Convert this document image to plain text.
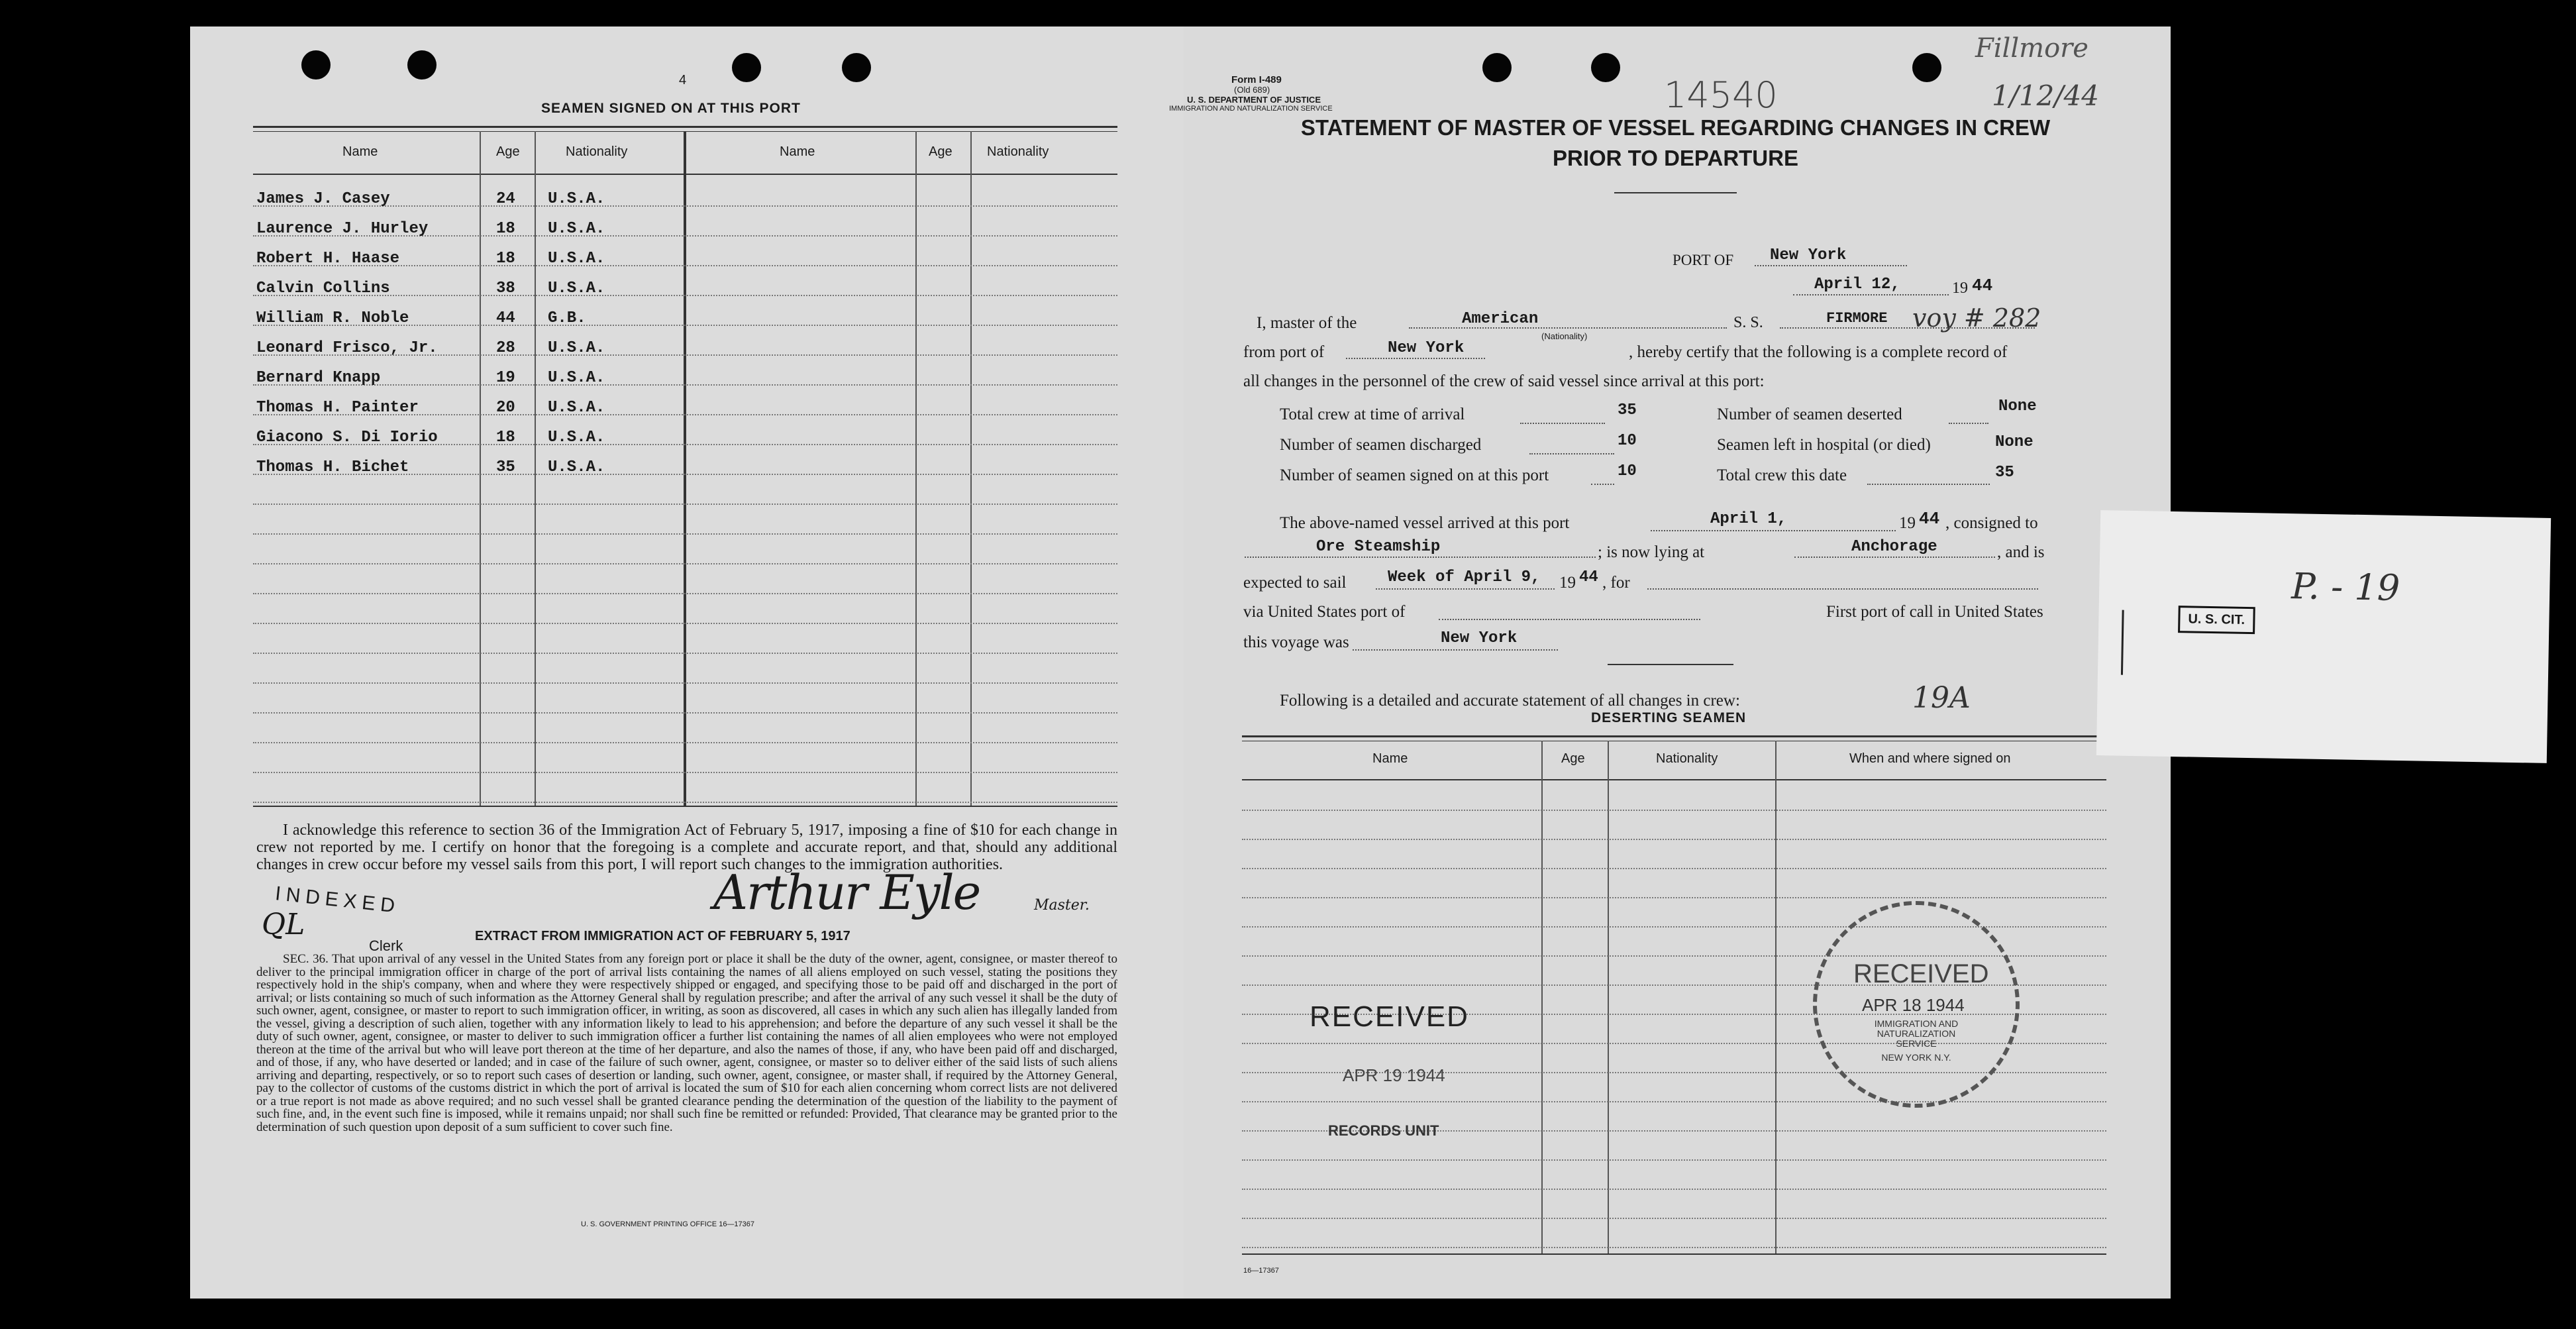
4
SEAMEN SIGNED ON AT THIS PORT
Name	Age	Nationality	Name	Age	Nationality
James J. Casey	24 U.S.A.
Laurence J. Hurley	18 U.S.A.
Robert H. Haase	18 U.S.A.
Calvin Collins	38 U.S.A.
William R. Noble	44 G.B.
Leonard Frisco, Jr.	28 U.S.A.
Bernard Knapp	19 U.S.A.
Thomas H. Painter	20 U.S.A.
Giacono S. Di Iorio	18 U.S.A.
Thomas H. Bichet	35 U.S.A.
I acknowledge this reference to section 36 of the Immigration Act of February 5, 1917, imposing a fine of $10 for each change in crew not reported by me. I certify on honor that the foregoing is a complete and accurate report, and that, should any additional changes in crew occur before my vessel sails from this port, I will report such changes to the immigration authorities.
INDEXED
QL
Clerk
Arthur Eyle	Master.
EXTRACT FROM IMMIGRATION ACT OF FEBRUARY 5, 1917
SEC. 36. That upon arrival of any vessel in the United States from any foreign port or place it shall be the duty of the owner, agent, consignee, or master thereof to deliver to the principal immigration officer in charge of the port of arrival lists containing the names of all aliens employed on such vessel, stating the positions they respectively hold in the ship's company, when and where they were respectively shipped or engaged, and specifying those to be paid off and discharged in the port of arrival; or lists containing so much of such information as the Attorney General shall by regulation prescribe; and after the arrival of any such vessel it shall be the duty of such owner, agent, consignee, or master to report to such immigration officer, in writing, as soon as discovered, all cases in which any such alien has illegally landed from the vessel, giving a description of such alien, together with any information likely to lead to his apprehension; and before the departure of any such vessel it shall be the duty of such owner, agent, consignee, or master to deliver to such immigration officer a further list containing the names of all alien employees who were not employed thereon at the time of the arrival but who will leave port thereon at the time of her departure, and also the names of those, if any, who have been paid off and discharged, and of those, if any, who have deserted or landed; and in case of the failure of such owner, agent, consignee, or master so to deliver either of the said lists of such aliens arriving and departing, respectively, or so to report such cases of desertion or landing, such owner, agent, consignee, or master shall, if required by the Attorney General, pay to the collector of customs of the customs district in which the port of arrival is located the sum of $10 for each alien concerning whom correct lists are not delivered or a true report is not made as above required; and no such vessel shall be granted clearance pending the determination of the question of the liability to the payment of such fine, and, in the event such fine is imposed, while it remains unpaid; nor shall such fine be remitted or refunded: Provided, That clearance may be granted prior to the determination of such question upon deposit of a sum sufficient to cover such fine.
U. S. GOVERNMENT PRINTING OFFICE 16—17367
Form I-489
(Old 689)
U. S. DEPARTMENT OF JUSTICE
IMMIGRATION AND NATURALIZATION SERVICE	14540
Fillmore
1/12/44
STATEMENT OF MASTER OF VESSEL REGARDING CHANGES IN CREW
PRIOR TO DEPARTURE
PORT OF New York
April 12,	19 44
I, master of the	American
(Nationality)
S. S.	FIRMORE voy # 282
from port of	New York	, hereby certify that the following is a complete record of
all changes in the personnel of the crew of said vessel since arrival at this port:
Total crew at time of arrival	35	Number of seamen deserted	None
Number of seamen discharged	10	Seamen left in hospital (or died)	None
Number of seamen signed on at this port	10	Total crew this date	35
The above-named vessel arrived at this port	April 1,	19 44 , consigned to
Ore Steamship	; is now lying at	Anchorage	, and is
expected to sail	Week of April 9, 19 44 , for
via United States port of	First port of call in United States
this voyage was	New York
Following is a detailed and accurate statement of all changes in crew:	19A
DESERTING SEAMEN
Name	Age	Nationality	When and where signed on
RECEIVED
APR 19 1944
RECORDS UNIT
RECEIVED
APR 18 1944
IMMIGRATION AND NATURALIZATION SERVICE
NEW YORK N.Y.
16—17367
U. S. CIT.
P. - 19
